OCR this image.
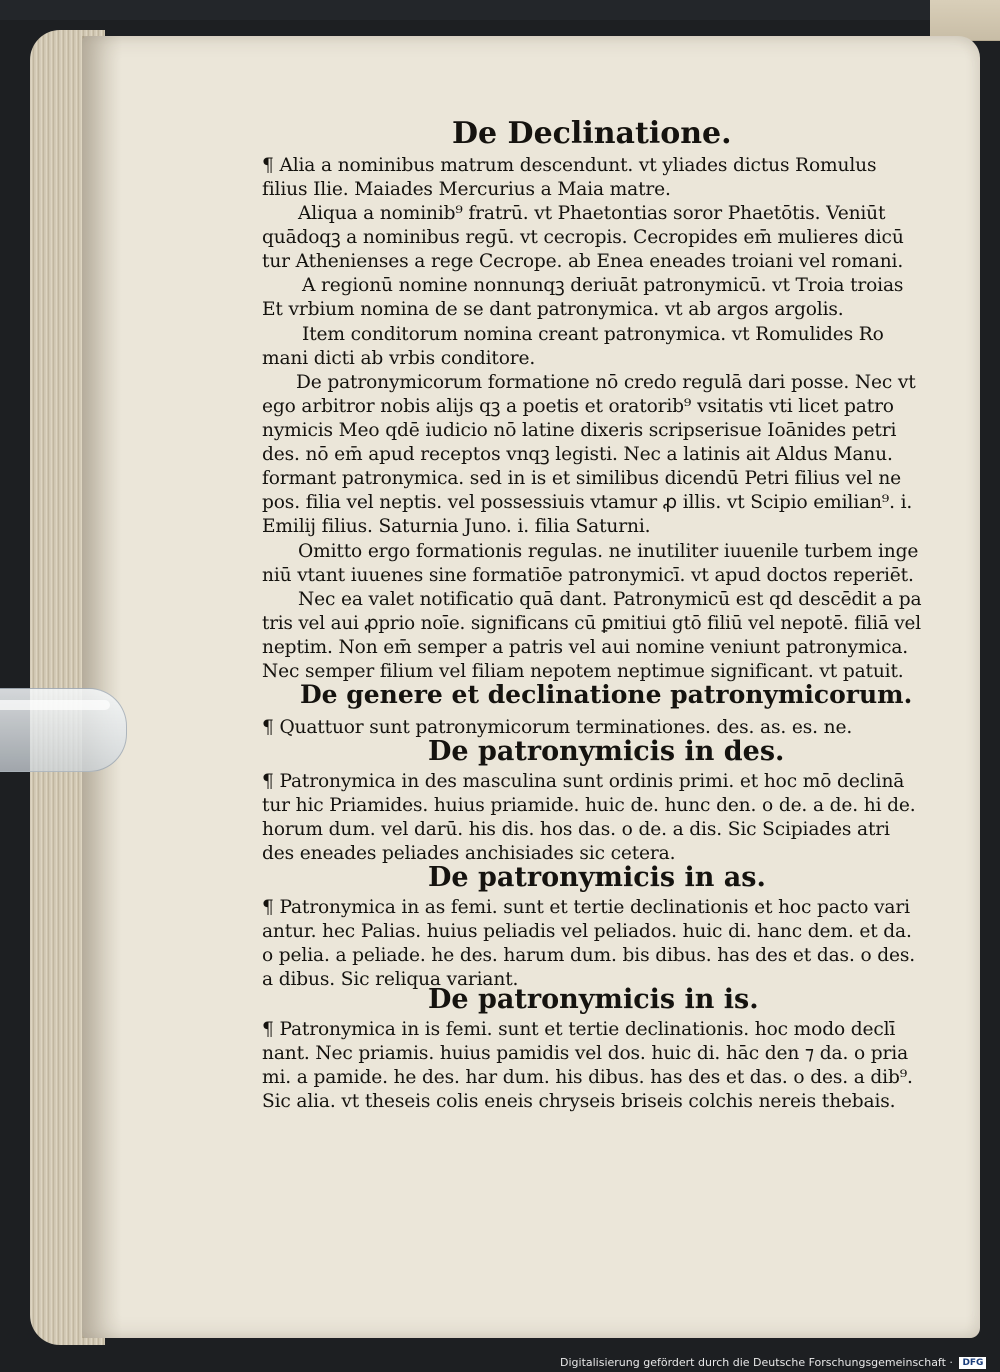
De Declinatione.
¶ Alia a nominibus matrum descendunt. vt yliades dictus Romulus
filius Ilie. Maiades Mercurius a Maia matre.
Aliqua a nominib⁹ fratrū. vt Phaetontias soror Phaetōtis. Veniūt
quādoqꝫ a nominibus regū. vt cecropis. Cecropides em̄ mulieres dicū
tur Athenienses a rege Cecrope. ab Enea eneades troiani vel romani.
A regionū nomine nonnunqꝫ deriuāt patronymicū. vt Troia troias
Et vrbium nomina de se dant patronymica. vt ab argos argolis.
Item conditorum nomina creant patronymica. vt Romulides Ro
mani dicti ab vrbis conditore.
De patronymicorum formatione nō credo regulā dari posse. Nec vt
ego arbitror nobis alijs qꝫ a poetis et oratorib⁹ vsitatis vti licet patro
nymicis Meo qdē iudicio nō latine dixeris scripserisue Ioānides petri
des. nō em̄ apud receptos vnqꝫ legisti. Nec a latinis ait Aldus Manu.
formant patronymica. sed in is et similibus dicendū Petri filius vel ne
pos. filia vel neptis. vel possessiuis vtamur ꝓ illis. vt Scipio emilian⁹. i.
Emilij filius. Saturnia Juno. i. filia Saturni.
Omitto ergo formationis regulas. ne inutiliter iuuenile turbem inge
niū vtant iuuenes sine formatiōe patronymicī. vt apud doctos reperiēt.
Nec ea valet notificatio quā dant. Patronymicū est qd descēdit a pa
tris vel aui ꝓprio noīe. significans cū ꝑmitiui gtō filiū vel nepotē. filiā vel
neptim. Non em̄ semper a patris vel aui nomine veniunt patronymica.
Nec semper filium vel filiam nepotem neptimue significant. vt patuit.
De genere et declinatione patronymicorum.
¶ Quattuor sunt patronymicorum terminationes. des. as. es. ne.
De patronymicis in des.
¶ Patronymica in des masculina sunt ordinis primi. et hoc mō declinā
tur hic Priamides. huius priamide. huic de. hunc den. o de. a de. hi de.
horum dum. vel darū. his dis. hos das. o de. a dis. Sic Scipiades atri
des eneades peliades anchisiades sic cetera.
De patronymicis in as.
¶ Patronymica in as femi. sunt et tertie declinationis et hoc pacto vari
antur. hec Palias. huius peliadis vel peliados. huic di. hanc dem. et da.
o pelia. a peliade. he des. harum dum. bis dibus. has des et das. o des.
a dibus. Sic reliqua variant.
De patronymicis in is.
¶ Patronymica in is femi. sunt et tertie declinationis. hoc modo declī
nant. Nec priamis. huius pamidis vel dos. huic di. hāc den ⁊ da. o pria
mi. a pamide. he des. har dum. his dibus. has des et das. o des. a dib⁹.
Sic alia. vt theseis colis eneis chryseis briseis colchis nereis thebais.
Digitalisierung gefördert durch die Deutsche Forschungsgemeinschaft · DFG
